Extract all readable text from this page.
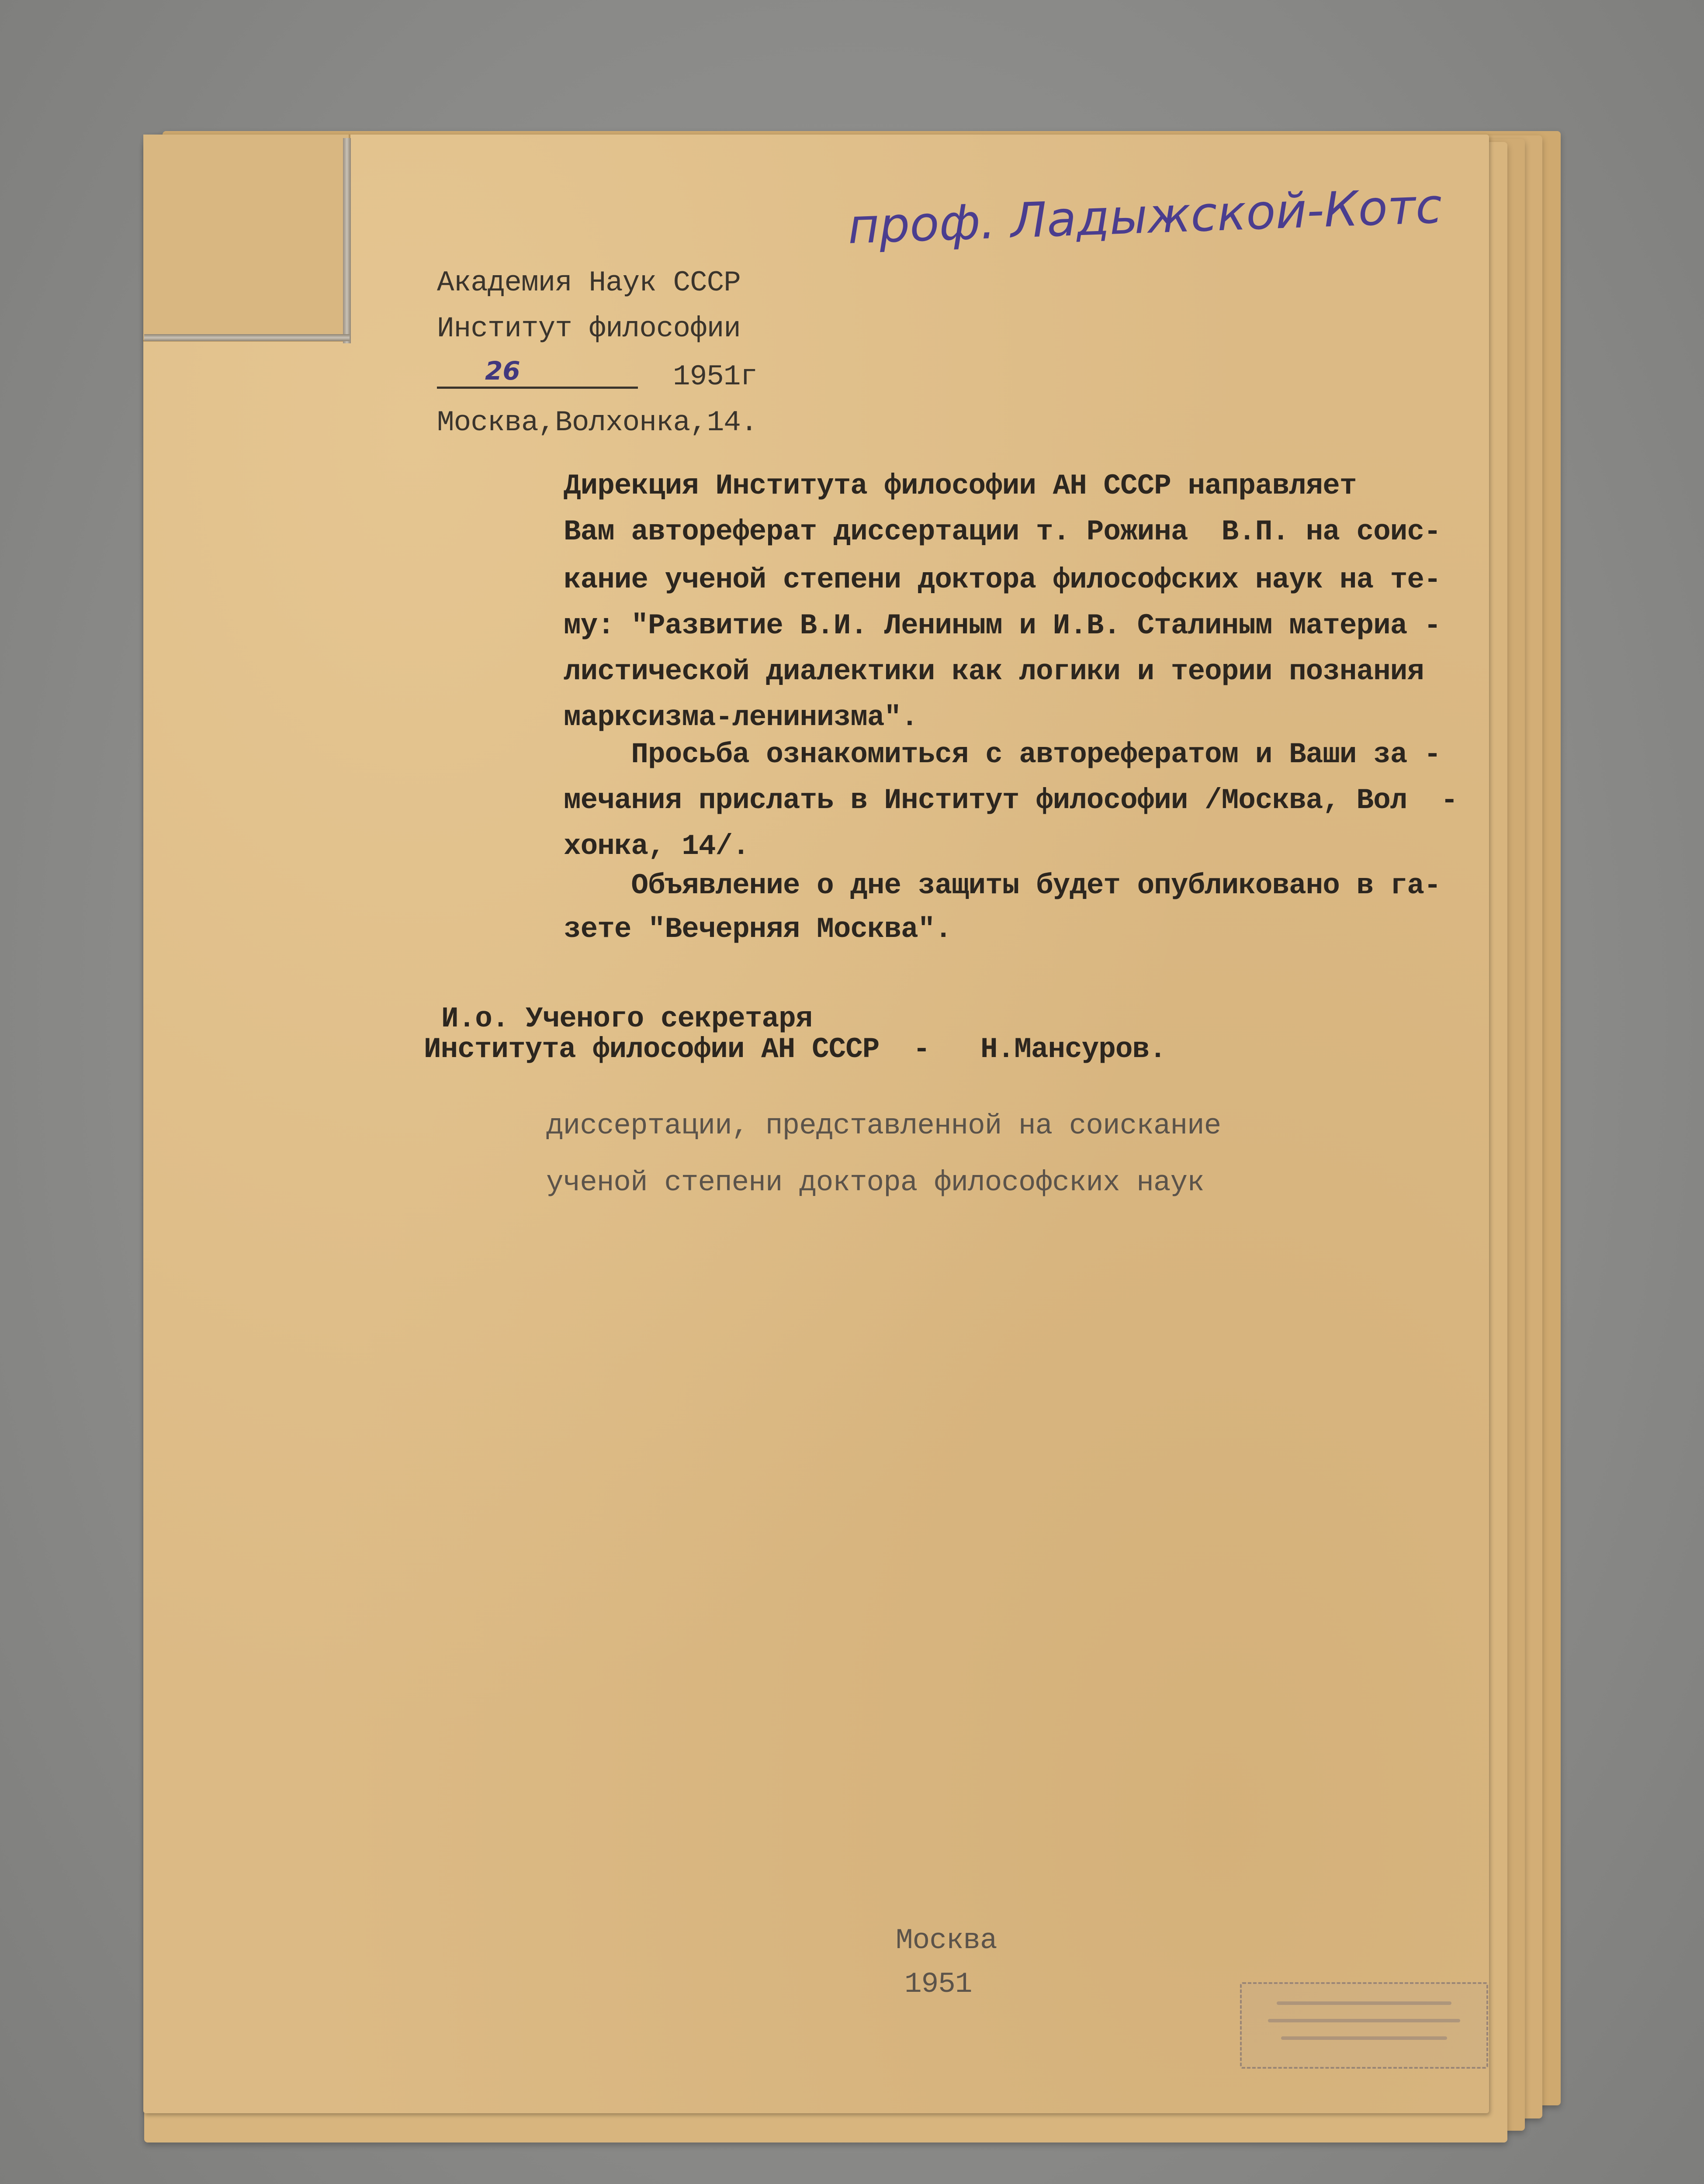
проф. Ладыжской-Котс

Академия Наук СССР

Институт философии

26	1951г

Москва,Волхонка,14.

Дирекция Института философии АН СССР направляет

Вам автореферат диссертации т. Рожина  В.П. на соис-

кание ученой степени доктора философских наук на те-

му: "Развитие В.И. Лениным и И.В. Сталиным материа -

листической диалектики как логики и теории познания

марксизма-ленинизма".

Просьба ознакомиться с авторефератом и Ваши за -

мечания прислать в Институт философии /Москва, Вол  -

хонка, 14/.

Объявление о дне защиты будет опубликовано в га-

зете "Вечерняя Москва".

И.о. Ученого секретаря

Института философии АН СССР  -   Н.Мансуров.

диссертации, представленной на соискание

ученой степени доктора философских наук

Москва

1951
